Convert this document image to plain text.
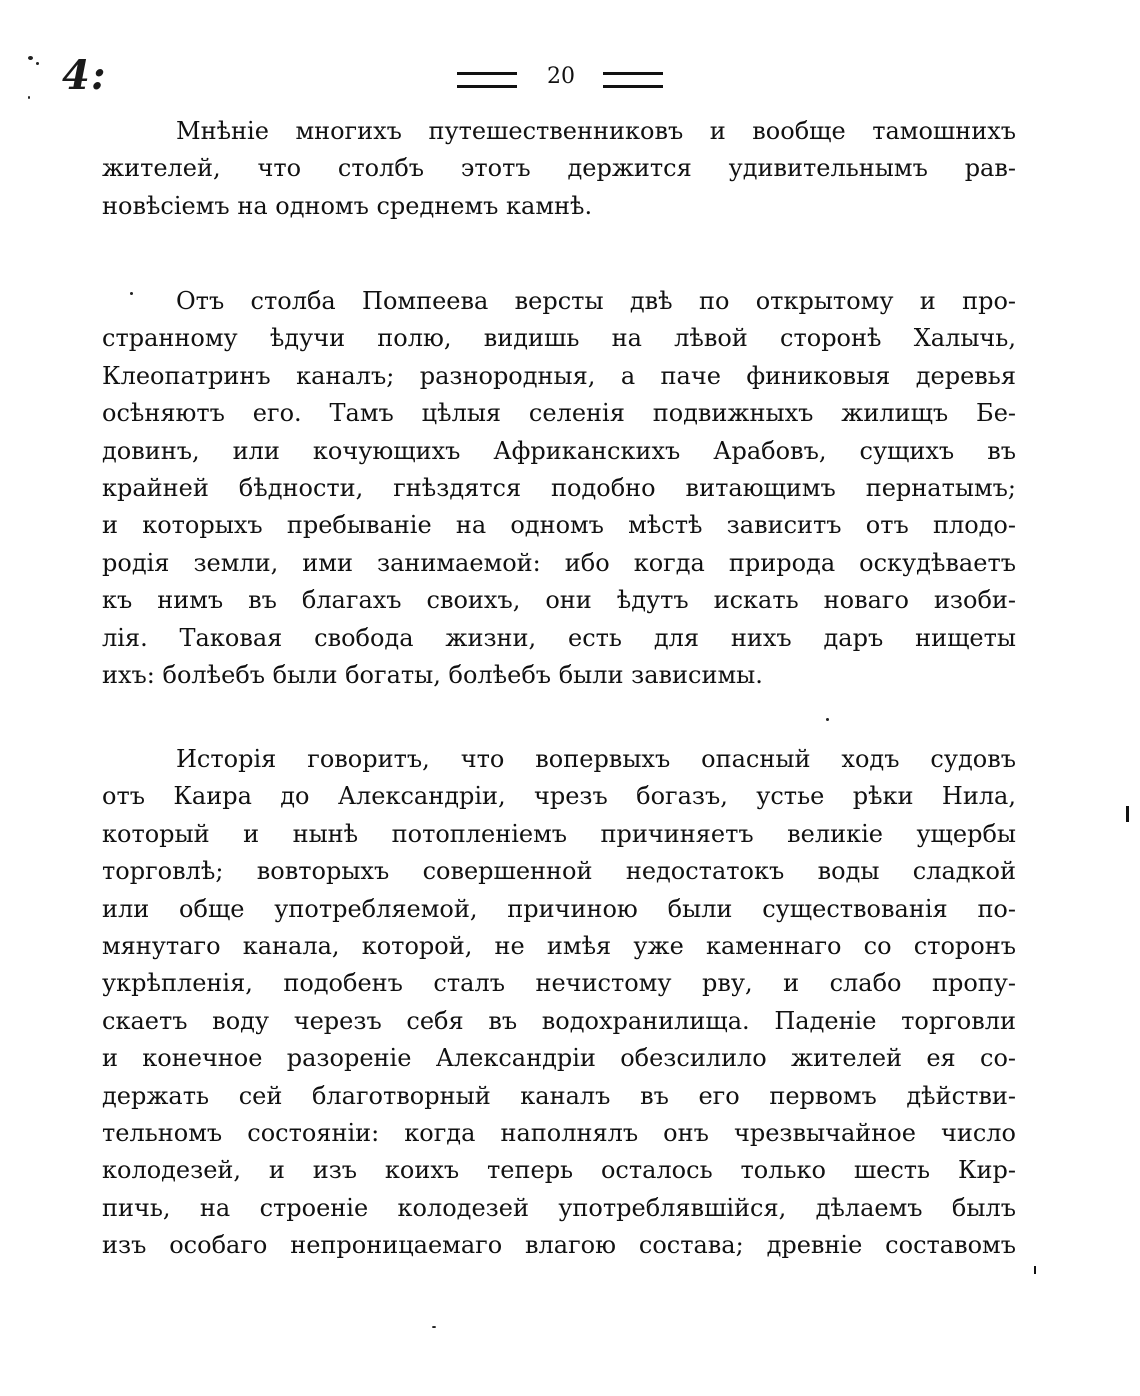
4:	20
Мнѣніе многихъ путешественниковъ и вообще тамошнихъ
жителей, что столбъ этотъ держится удивительнымъ рав-
новѣсіемъ на одномъ среднемъ камнѣ.
Отъ столба Помпеева версты двѣ по открытому и про-
странному ѣдучи полю, видишь на лѣвой сторонѣ Халычь,
Клеопатринъ каналъ; разнородныя, а паче финиковыя деревья
осѣняютъ его. Тамъ цѣлыя селенія подвижныхъ жилищъ Бе-
довинъ, или кочующихъ Африканскихъ Арабовъ, сущихъ въ
крайней бѣдности, гнѣздятся подобно витающимъ пернатымъ;
и которыхъ пребываніе на одномъ мѣстѣ зависитъ отъ плодо-
родія земли, ими занимаемой: ибо когда природа оскудѣваетъ
къ нимъ въ благахъ своихъ, они ѣдутъ искать новаго изоби-
лія. Таковая свобода жизни, есть для нихъ даръ нищеты
ихъ: болѣебъ были богаты, болѣебъ были зависимы.
Исторія говоритъ, что вопервыхъ опасный ходъ судовъ
отъ Каира до Александріи, чрезъ богазъ, устье рѣки Нила,
который и нынѣ потопленіемъ причиняетъ великіе ущербы
торговлѣ; вовторыхъ совершенной недостатокъ воды сладкой
или обще употребляемой, причиною были существованія по-
мянутаго канала, которой, не имѣя уже каменнаго со сторонъ
укрѣпленія, подобенъ сталъ нечистому рву, и слабо пропу-
скаетъ воду черезъ себя въ водохранилища. Паденіе торговли
и конечное разореніе Александріи обезсилило жителей ея со-
держать сей благотворный каналъ въ его первомъ дѣйстви-
тельномъ состояніи: когда наполнялъ онъ чрезвычайное число
колодезей, и изъ коихъ теперь осталось только шесть Кир-
пичь, на строеніе колодезей употреблявшійся, дѣлаемъ былъ
изъ особаго непроницаемаго влагою состава; древніе составомъ
